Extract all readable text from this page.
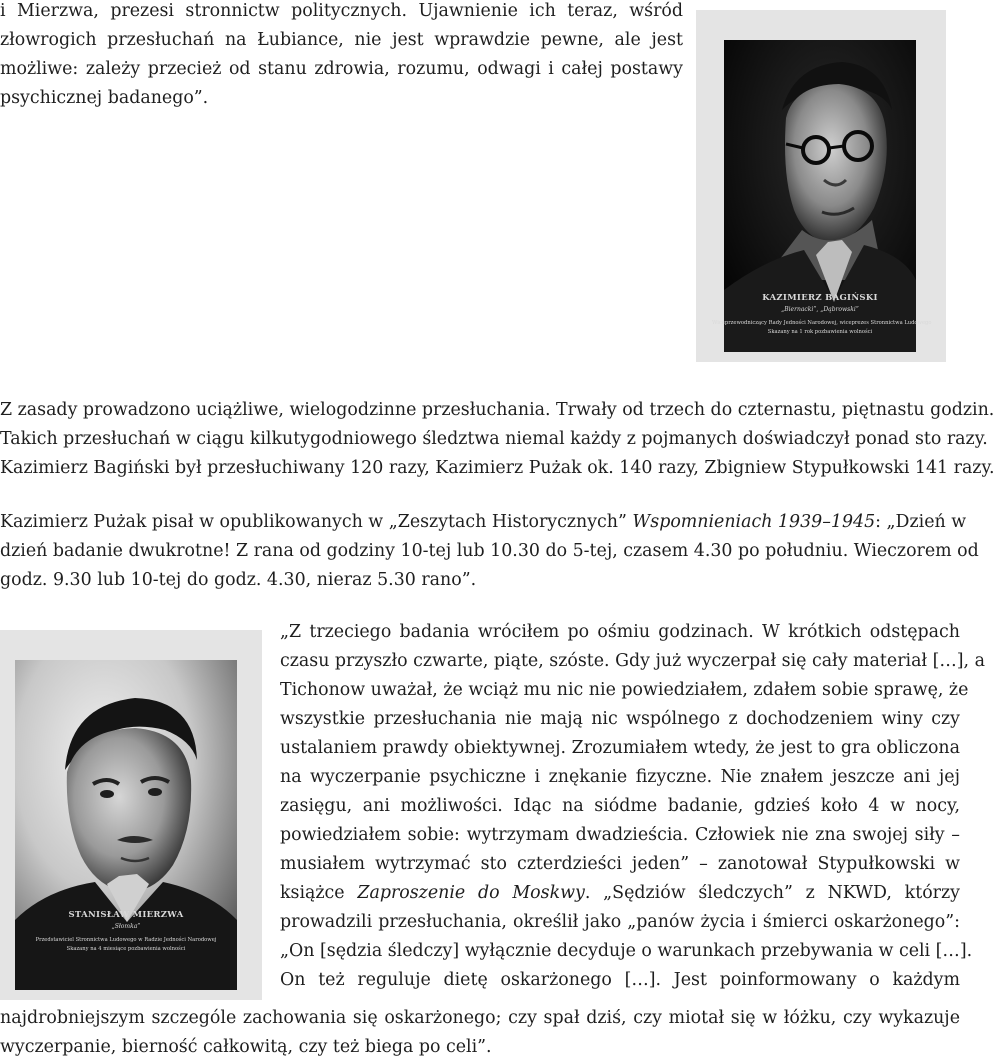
i Mierzwa, prezesi stronnictw politycznych. Ujawnienie ich teraz, wśród
złowrogich przesłuchań na Łubiance, nie jest wprawdzie pewne, ale jest
możliwe: zależy przecież od stanu zdrowia, rozumu, odwagi i całej postawy
psychicznej badanego”.
KAZIMIERZ BAGIŃSKI
„Biernacki”, „Dąbrowski”
Wiceprzewodniczący Rady Jedności Narodowej, wiceprezes Stronnictwa Ludowego
Skazany na 1 rok pozbawienia wolności
Z zasady prowadzono uciążliwe, wielogodzinne przesłuchania. Trwały od trzech do czternastu, piętnastu godzin.
Takich przesłuchań w ciągu kilkutygodniowego śledztwa niemal każdy z pojmanych doświadczył ponad sto razy.
Kazimierz Bagiński był przesłuchiwany 120 razy, Kazimierz Pużak ok. 140 razy, Zbigniew Stypułkowski 141 razy.
Kazimierz Pużak pisał w opublikowanych w „Zeszytach Historycznych” Wspomnieniach 1939–1945: „Dzień w
dzień badanie dwukrotne! Z rana od godziny 10-tej lub 10.30 do 5-tej, czasem 4.30 po południu. Wieczorem od
godz. 9.30 lub 10-tej do godz. 4.30, nieraz 5.30 rano”.
STANISŁAW MIERZWA
„Słomka”
Przedstawiciel Stronnictwa Ludowego w Radzie Jedności Narodowej
Skazany na 4 miesiące pozbawienia wolności
„Z trzeciego badania wróciłem po ośmiu godzinach. W krótkich odstępach
czasu przyszło czwarte, piąte, szóste. Gdy już wyczerpał się cały materiał […], a
Tichonow uważał, że wciąż mu nic nie powiedziałem, zdałem sobie sprawę, że
wszystkie przesłuchania nie mają nic wspólnego z dochodzeniem winy czy
ustalaniem prawdy obiektywnej. Zrozumiałem wtedy, że jest to gra obliczona
na wyczerpanie psychiczne i znękanie fizyczne. Nie znałem jeszcze ani jej
zasięgu, ani możliwości. Idąc na siódme badanie, gdzieś koło 4 w nocy,
powiedziałem sobie: wytrzymam dwadzieścia. Człowiek nie zna swojej siły –
musiałem wytrzymać sto czterdzieści jeden” – zanotował Stypułkowski w
książce Zaproszenie do Moskwy. „Sędziów śledczych” z NKWD, którzy
prowadzili przesłuchania, określił jako „panów życia i śmierci oskarżonego”:
„On [sędzia śledczy] wyłącznie decyduje o warunkach przebywania w celi […].
On też reguluje dietę oskarżonego […]. Jest poinformowany o każdym
najdrobniejszym szczególe zachowania się oskarżonego; czy spał dziś, czy miotał się w łóżku, czy wykazuje
wyczerpanie, bierność całkowitą, czy też biega po celi”.
